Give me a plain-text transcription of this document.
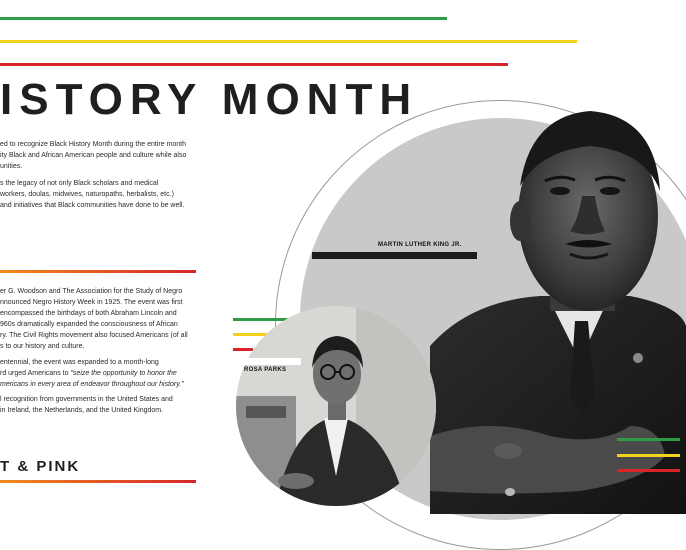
ISTORY MONTH
ed to recognize Black History Month during the entire month
ity Black and African American people and culture while also
unities.
s the legacy of not only Black scholars and medical
workers, doulas, midwives, naturopaths, herbalists, etc.)
and initiatives that Black communities have done to be well.
er G. Woodson and The Association for the Study of Negro
nnounced Negro History Week in 1925. The event was first
encompassed the birthdays of both Abraham Lincoln and
960s dramatically expanded the consciousness of African
ry. The Civil Rights movement also focused Americans (of all
s to our history and culture.
entennial, the event was expanded to a month-long
rd urged Americans to "seize the opportunity to honor the
mericans in every area of endeavor throughout our history."
l recognition from governments in the United States and
in Ireland, the Netherlands, and the United Kingdom.
T & PINK
MARTIN LUTHER KING JR.
ROSA PARKS
